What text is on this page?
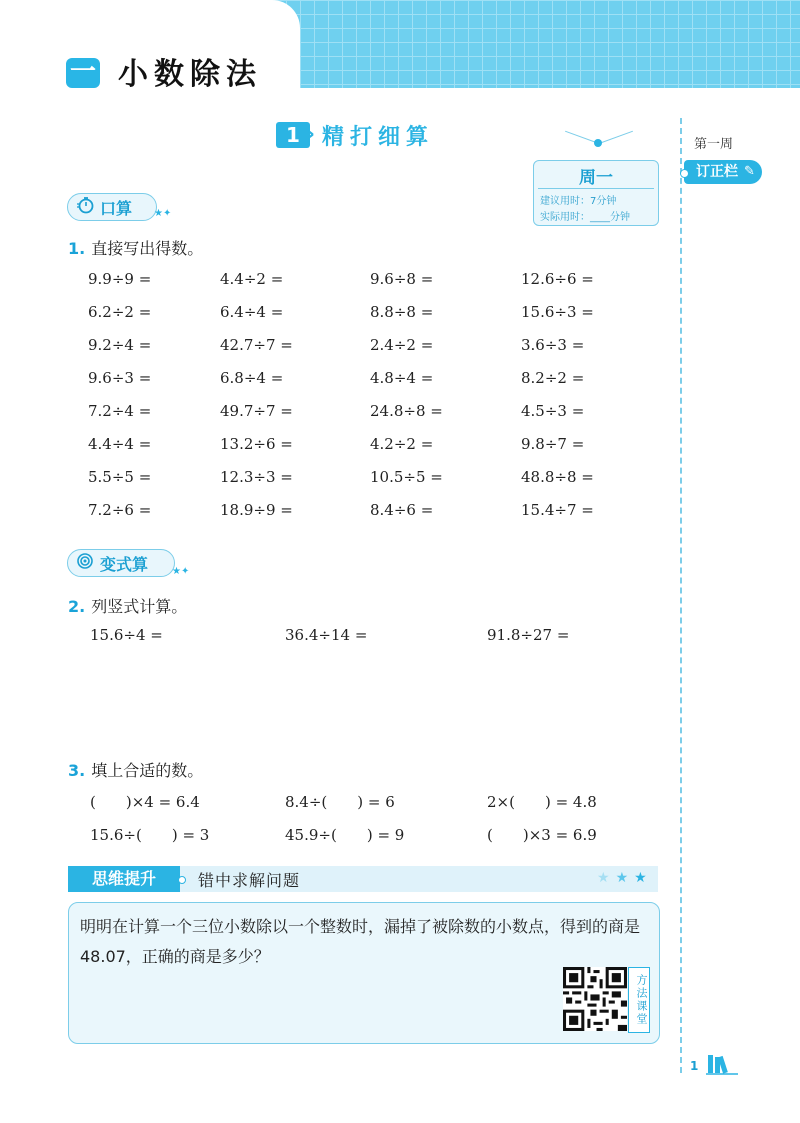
一 小数除法
第一周
订正栏 ✎
1 › 精打细算
周一
建议用时：7分钟
实际用时：____分钟
口算 ★✦
1. 直接写出得数。
9.9÷9 =	4.4÷2 =	9.6÷8 =	12.6÷6 =
6.2÷2 =	6.4÷4 =	8.8÷8 =	15.6÷3 =
9.2÷4 =	42.7÷7 =	2.4÷2 =	3.6÷3 =
9.6÷3 =	6.8÷4 =	4.8÷4 =	8.2÷2 =
7.2÷4 =	49.7÷7 =	24.8÷8 =	4.5÷3 =
4.4÷4 =	13.2÷6 =	4.2÷2 =	9.8÷7 =
5.5÷5 =	12.3÷3 =	10.5÷5 =	48.8÷8 =
7.2÷6 =	18.9÷9 =	8.4÷6 =	15.4÷7 =
变式算 ★✦
2. 列竖式计算。
15.6÷4 =	36.4÷14 =	91.8÷27 =
3. 填上合适的数。
(　　)×4 = 6.4	8.4÷(　　) = 6	2×(　　) = 4.8
15.6÷(　　) = 3	45.9÷(　　) = 9	(　　)×3 = 6.9
思维提升	错中求解问题	★★★
明明在计算一个三位小数除以一个整数时，漏掉了被除数的小数点，得到的商是48.07，正确的商是多少？
方法课堂
1
